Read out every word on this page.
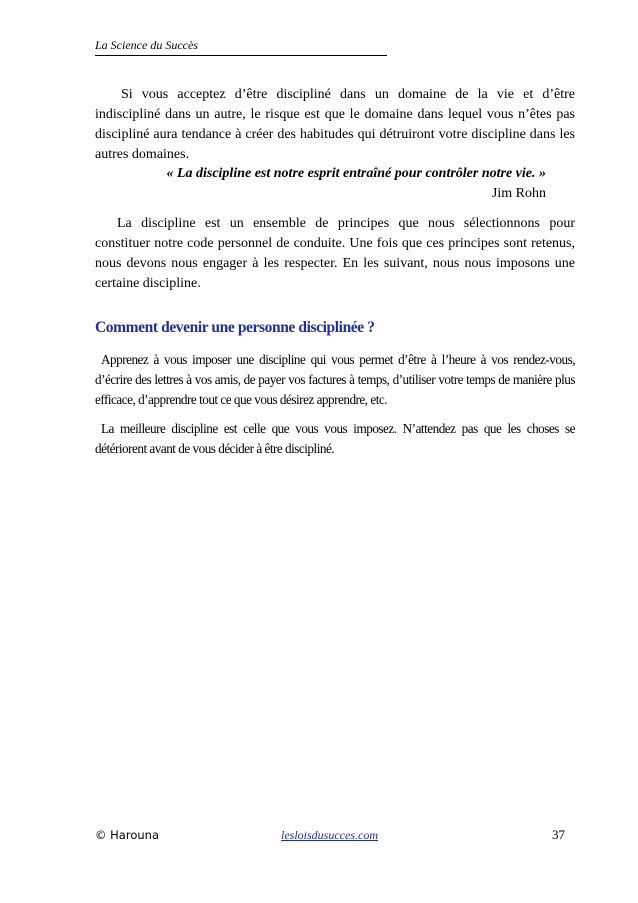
La Science du Succès

Si vous acceptez d’être discipliné dans un domaine de la vie et d’être indiscipliné dans un autre, le risque est que le domaine dans lequel vous n’êtes pas discipliné aura tendance à créer des habitudes qui détruiront votre discipline dans les autres domaines.

« La discipline est notre esprit entraîné pour contrôler notre vie. »

Jim Rohn

La discipline est un ensemble de principes que nous sélectionnons pour constituer notre code personnel de conduite. Une fois que ces principes sont retenus, nous devons nous engager à les respecter. En les suivant, nous nous imposons une certaine discipline.

Comment devenir une personne disciplinée ?

Apprenez à vous imposer une discipline qui vous permet d’être à l’heure à vos rendez-vous, d’écrire des lettres à vos amis, de payer vos factures à temps, d’utiliser votre temps de manière plus efficace, d’apprendre tout ce que vous désirez apprendre, etc.

La meilleure discipline est celle que vous vous imposez. N’attendez pas que les choses se détériorent avant de vous décider à être discipliné.

© Harouna	lesloisdusucces.com	37
